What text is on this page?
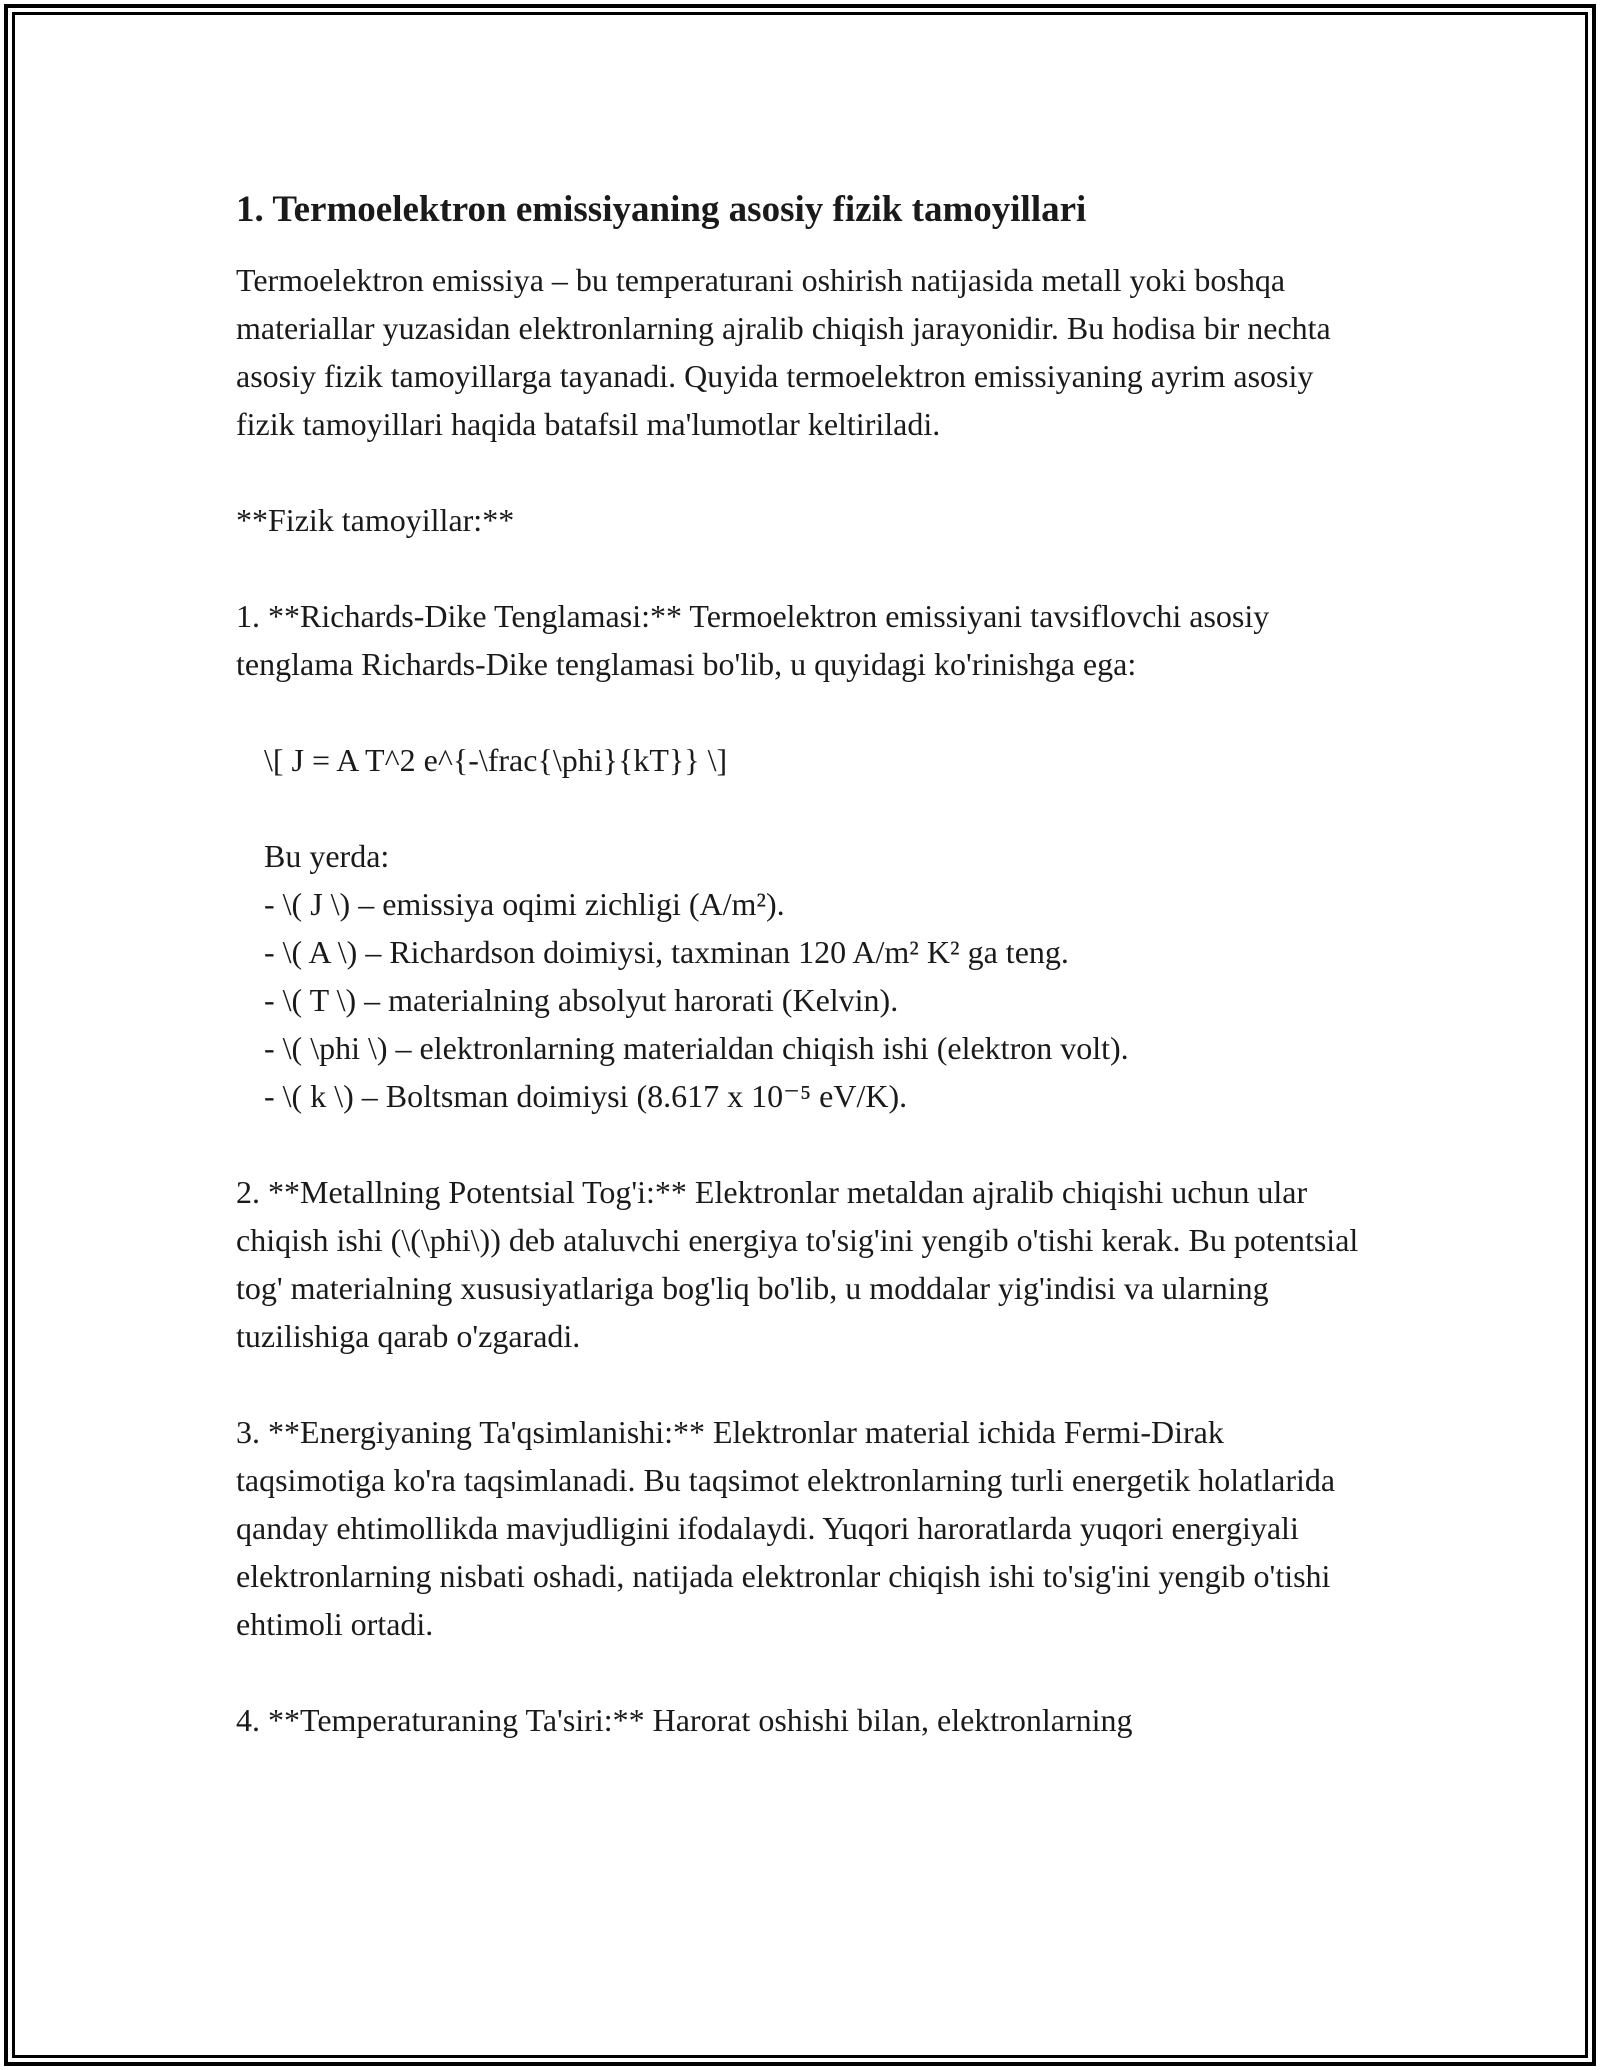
1. Termoelektron emissiyaning asosiy fizik tamoyillari

Termoelektron emissiya – bu temperaturani oshirish natijasida metall yoki boshqa materiallar yuzasidan elektronlarning ajralib chiqish jarayonidir. Bu hodisa bir nechta asosiy fizik tamoyillarga tayanadi. Quyida termoelektron emissiyaning ayrim asosiy fizik tamoyillari haqida batafsil ma'lumotlar keltiriladi.

**Fizik tamoyillar:**

1. **Richards-Dike Tenglamasi:** Termoelektron emissiyani tavsiflovchi asosiy tenglama Richards-Dike tenglamasi bo'lib, u quyidagi ko'rinishga ega:

\[ J = A T^2 e^{-\frac{\phi}{kT}} \]

Bu yerda:

- \( J \) – emissiya oqimi zichligi (A/m²).

- \( A \) – Richardson doimiysi, taxminan 120 A/m² K² ga teng.

- \( T \) – materialning absolyut harorati (Kelvin).

- \( \phi \) – elektronlarning materialdan chiqish ishi (elektron volt).

- \( k \) – Boltsman doimiysi (8.617 x 10⁻⁵ eV/K).

2. **Metallning Potentsial Tog'i:** Elektronlar metaldan ajralib chiqishi uchun ular chiqish ishi (\(\phi\)) deb ataluvchi energiya to'sig'ini yengib o'tishi kerak. Bu potentsial tog' materialning xususiyatlariga bog'liq bo'lib, u moddalar yig'indisi va ularning tuzilishiga qarab o'zgaradi.

3. **Energiyaning Ta'qsimlanishi:** Elektronlar material ichida Fermi-Dirak taqsimotiga ko'ra taqsimlanadi. Bu taqsimot elektronlarning turli energetik holatlarida qanday ehtimollikda mavjudligini ifodalaydi. Yuqori haroratlarda yuqori energiyali elektronlarning nisbati oshadi, natijada elektronlar chiqish ishi to'sig'ini yengib o'tishi ehtimoli ortadi.

4. **Temperaturaning Ta'siri:** Harorat oshishi bilan, elektronlarning
